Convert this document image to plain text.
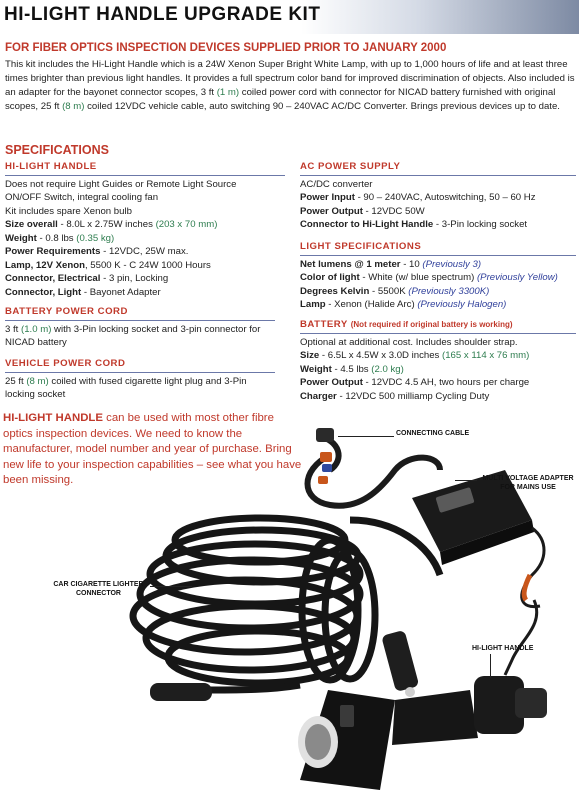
HI-LIGHT HANDLE UPGRADE KIT
FOR FIBER OPTICS INSPECTION DEVICES SUPPLIED PRIOR TO JANUARY 2000
This kit includes the Hi-Light Handle which is a 24W Xenon Super Bright White Lamp, with up to 1,000 hours of life and at least three times brighter than previous light handles. It provides a full spectrum color band for improved discrimination of objects. Also included is an adapter for the bayonet connector scopes, 3 ft (1 m) coiled power cord with connector for NICAD battery furnished with original scopes, 25 ft (8 m) coiled 12VDC vehicle cable, auto switching 90 – 240VAC AC/DC Converter. Brings previous devices up to date.
SPECIFICATIONS
HI-LIGHT HANDLE
Does not require Light Guides or Remote Light Source
ON/OFF Switch, integral cooling fan
Kit includes spare Xenon bulb
Size overall - 8.0L x 2.75W inches (203 x 70 mm)
Weight - 0.8 lbs (0.35 kg)
Power Requirements - 12VDC, 25W max.
Lamp, 12V Xenon, 5500 K - C 24W 1000 Hours
Connector, Electrical - 3 pin, Locking
Connector, Light - Bayonet Adapter
BATTERY POWER CORD
3 ft (1.0 m) with 3-Pin locking socket and 3-pin connector for NICAD battery
VEHICLE POWER CORD
25 ft (8 m) coiled with fused cigarette light plug and 3-Pin locking socket
AC POWER SUPPLY
AC/DC converter
Power Input - 90 – 240VAC, Autoswitching, 50 – 60 Hz
Power Output - 12VDC 50W
Connector to Hi-Light Handle - 3-Pin locking socket
LIGHT SPECIFICATIONS
Net lumens @ 1 meter - 10 (Previously 3)
Color of light - White (w/ blue spectrum) (Previously Yellow)
Degrees Kelvin - 5500K (Previously 3300K)
Lamp - Xenon (Halide Arc) (Previously Halogen)
BATTERY (Not required if original battery is working)
Optional at additional cost. Includes shoulder strap.
Size - 6.5L x 4.5W x 3.0D inches (165 x 114 x 76 mm)
Weight - 4.5 lbs (2.0 kg)
Power Output - 12VDC 4.5 AH, two hours per charge
Charger - 12VDC 500 milliamp Cycling Duty
HI-LIGHT HANDLE can be used with most other fibre optics inspection devices. We need to know the manufacturer, model number and year of purchase. Bring new life to your inspection capabilities – see what you have been missing.
CONNECTING CABLE
MULTI VOLTAGE ADAPTER
FOR MAINS USE
CAR CIGARETTE LIGHTER
CONNECTOR
HI-LIGHT HANDLE
